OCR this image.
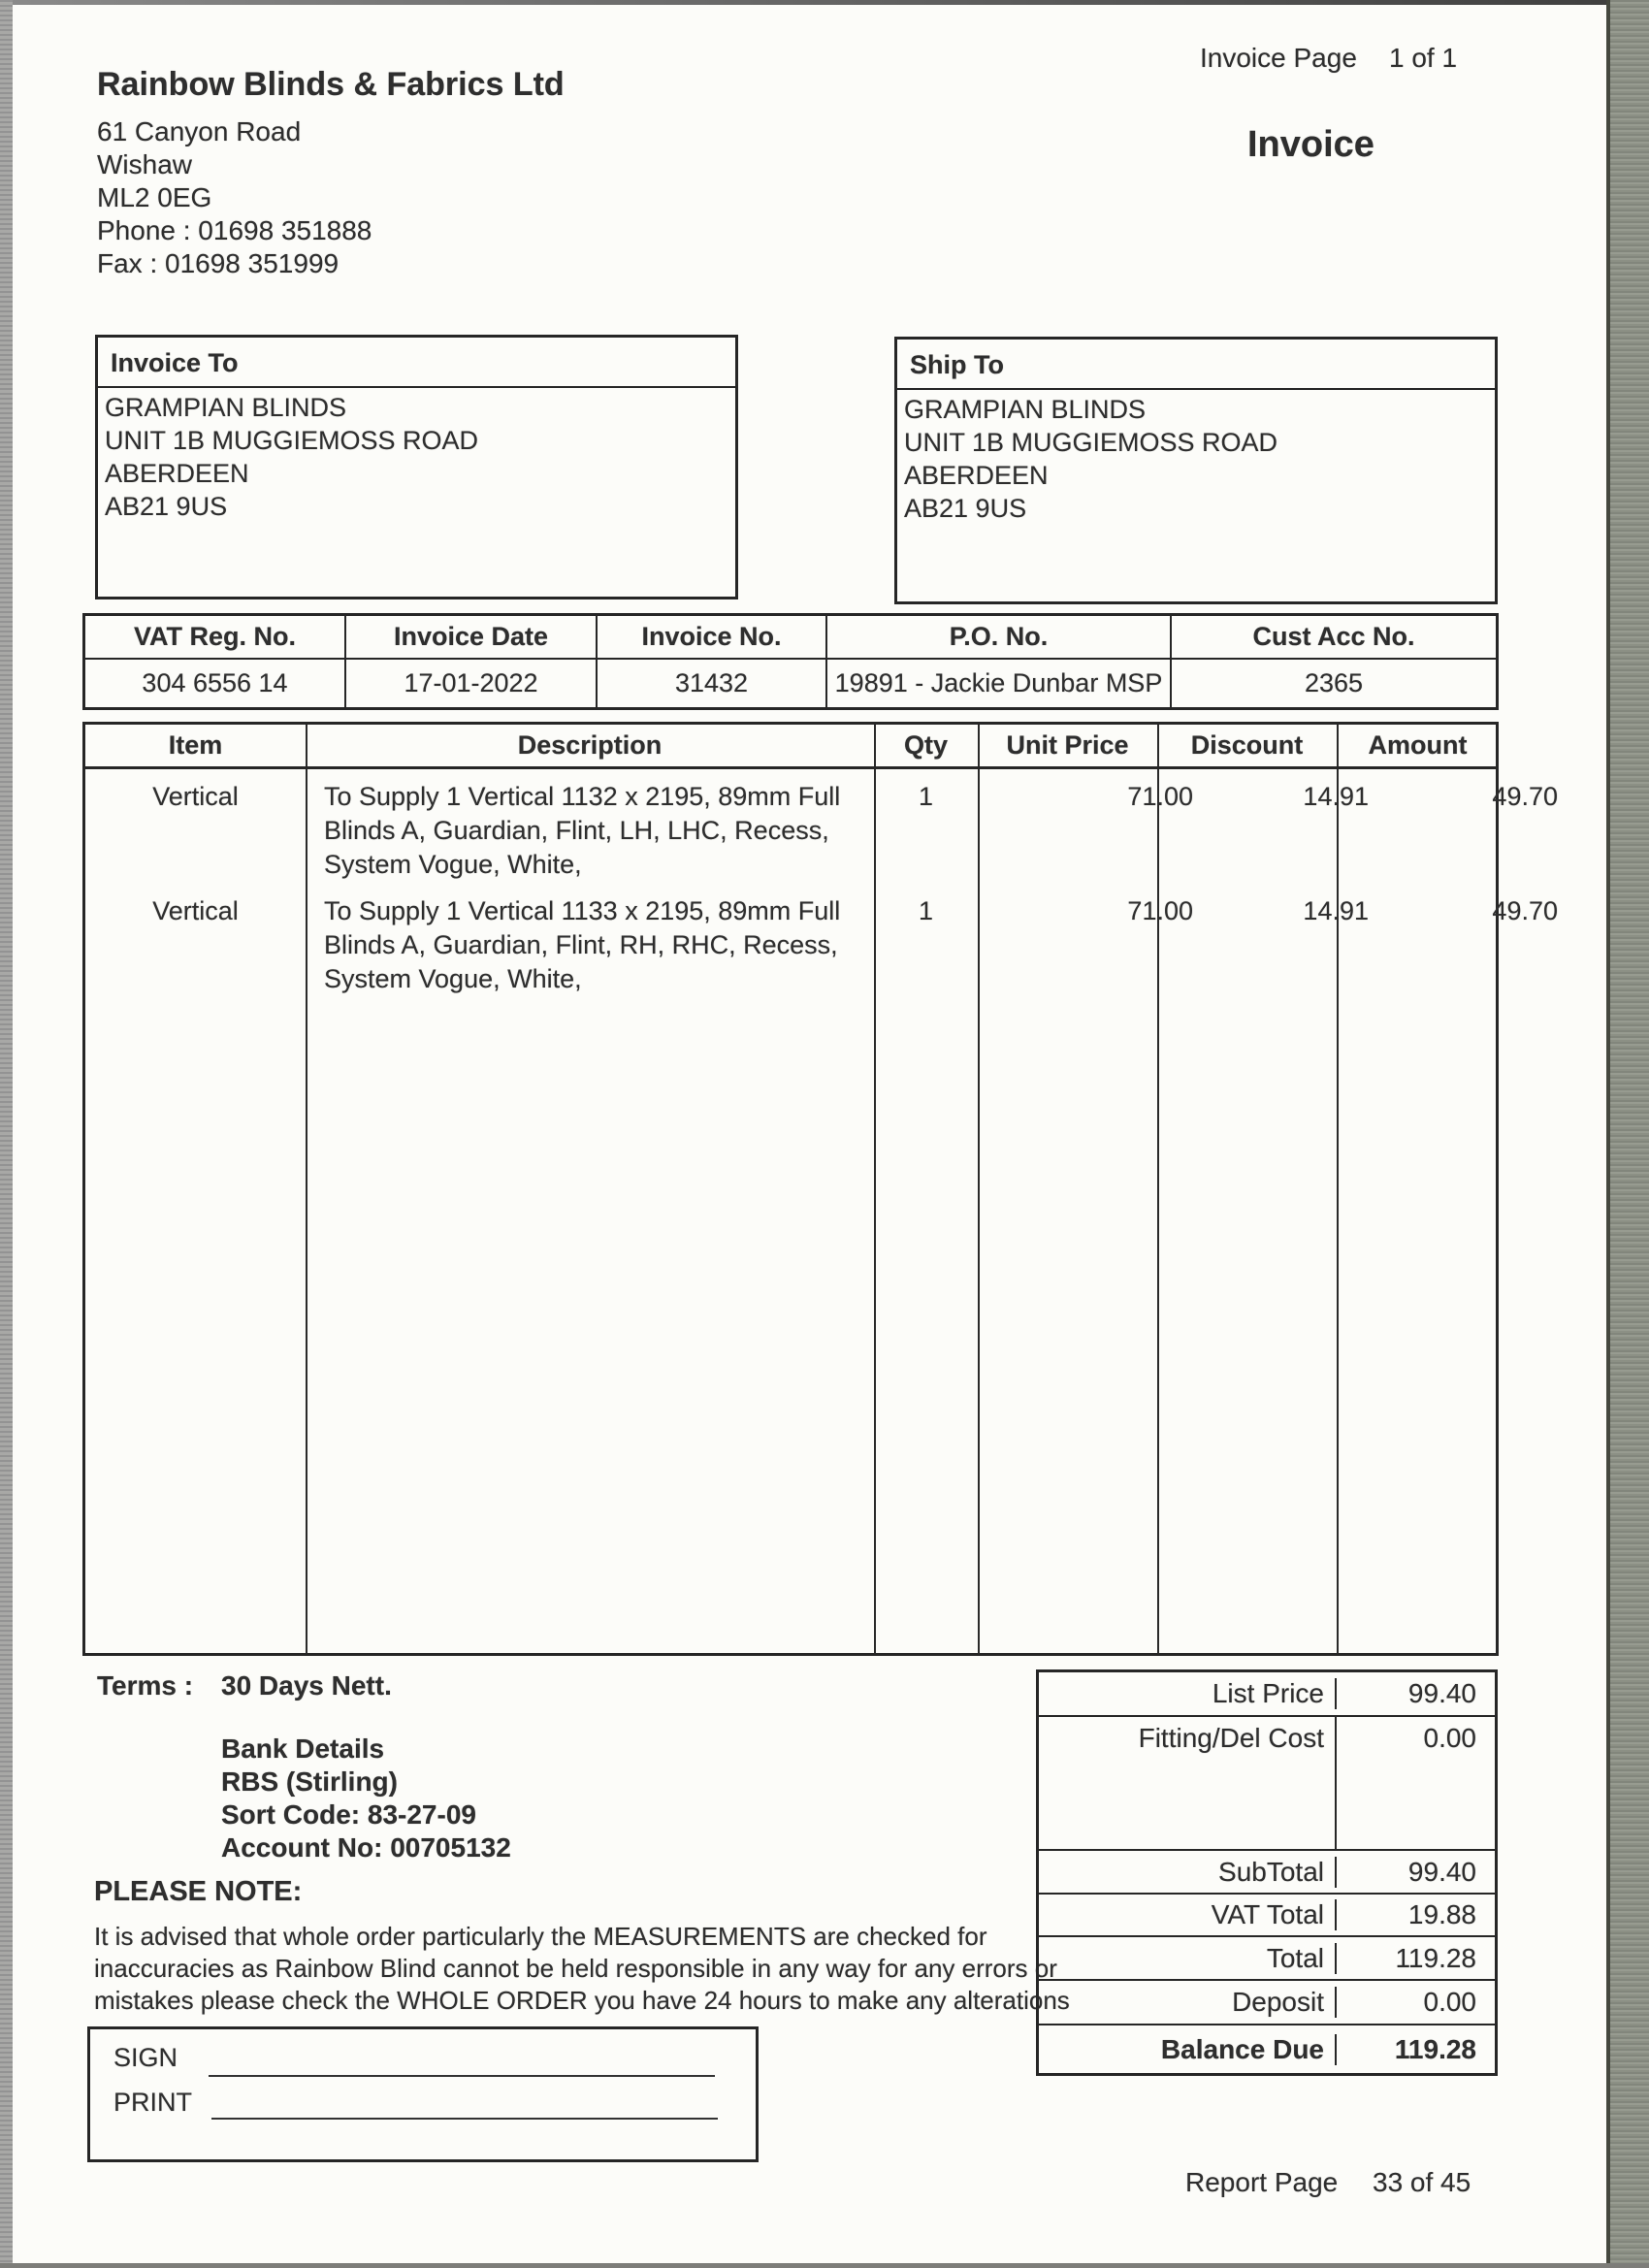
Rainbow Blinds & Fabrics Ltd
61 Canyon Road
Wishaw
ML2 0EG
Phone : 01698 351888
Fax : 01698 351999
Invoice Page 1 of 1
Invoice
Invoice To
GRAMPIAN BLINDS
UNIT 1B MUGGIEMOSS ROAD
ABERDEEN
AB21 9US
Ship To
GRAMPIAN BLINDS
UNIT 1B MUGGIEMOSS ROAD
ABERDEEN
AB21 9US
VAT Reg. No.	Invoice Date	Invoice No.	P.O. No.	Cust Acc No.
304 6556 14	17-01-2022	31432	19891 - Jackie Dunbar MSP	2365
Item	Description	Qty	Unit Price	Discount	Amount
Vertical	To Supply 1 Vertical 1132 x 2195, 89mm Full
Blinds A, Guardian, Flint, LH, LHC, Recess,
System Vogue, White,
1	71.00	14.91	49.70
Vertical	To Supply 1 Vertical 1133 x 2195, 89mm Full
Blinds A, Guardian, Flint, RH, RHC, Recess,
System Vogue, White,
1	71.00	14.91	49.70
Terms : 30 Days Nett.
Bank Details
RBS (Stirling)
Sort Code: 83-27-09
Account No: 00705132
PLEASE NOTE:
It is advised that whole order particularly the MEASUREMENTS are checked for
inaccuracies as Rainbow Blind cannot be held responsible in any way for any errors or
mistakes please check the WHOLE ORDER you have 24 hours to make any alterations
List Price	99.40
Fitting/Del Cost	0.00
SubTotal	99.40
VAT Total	19.88
Total	119.28
Deposit	0.00
Balance Due	119.28
SIGN
PRINT
Report Page 33 of 45
